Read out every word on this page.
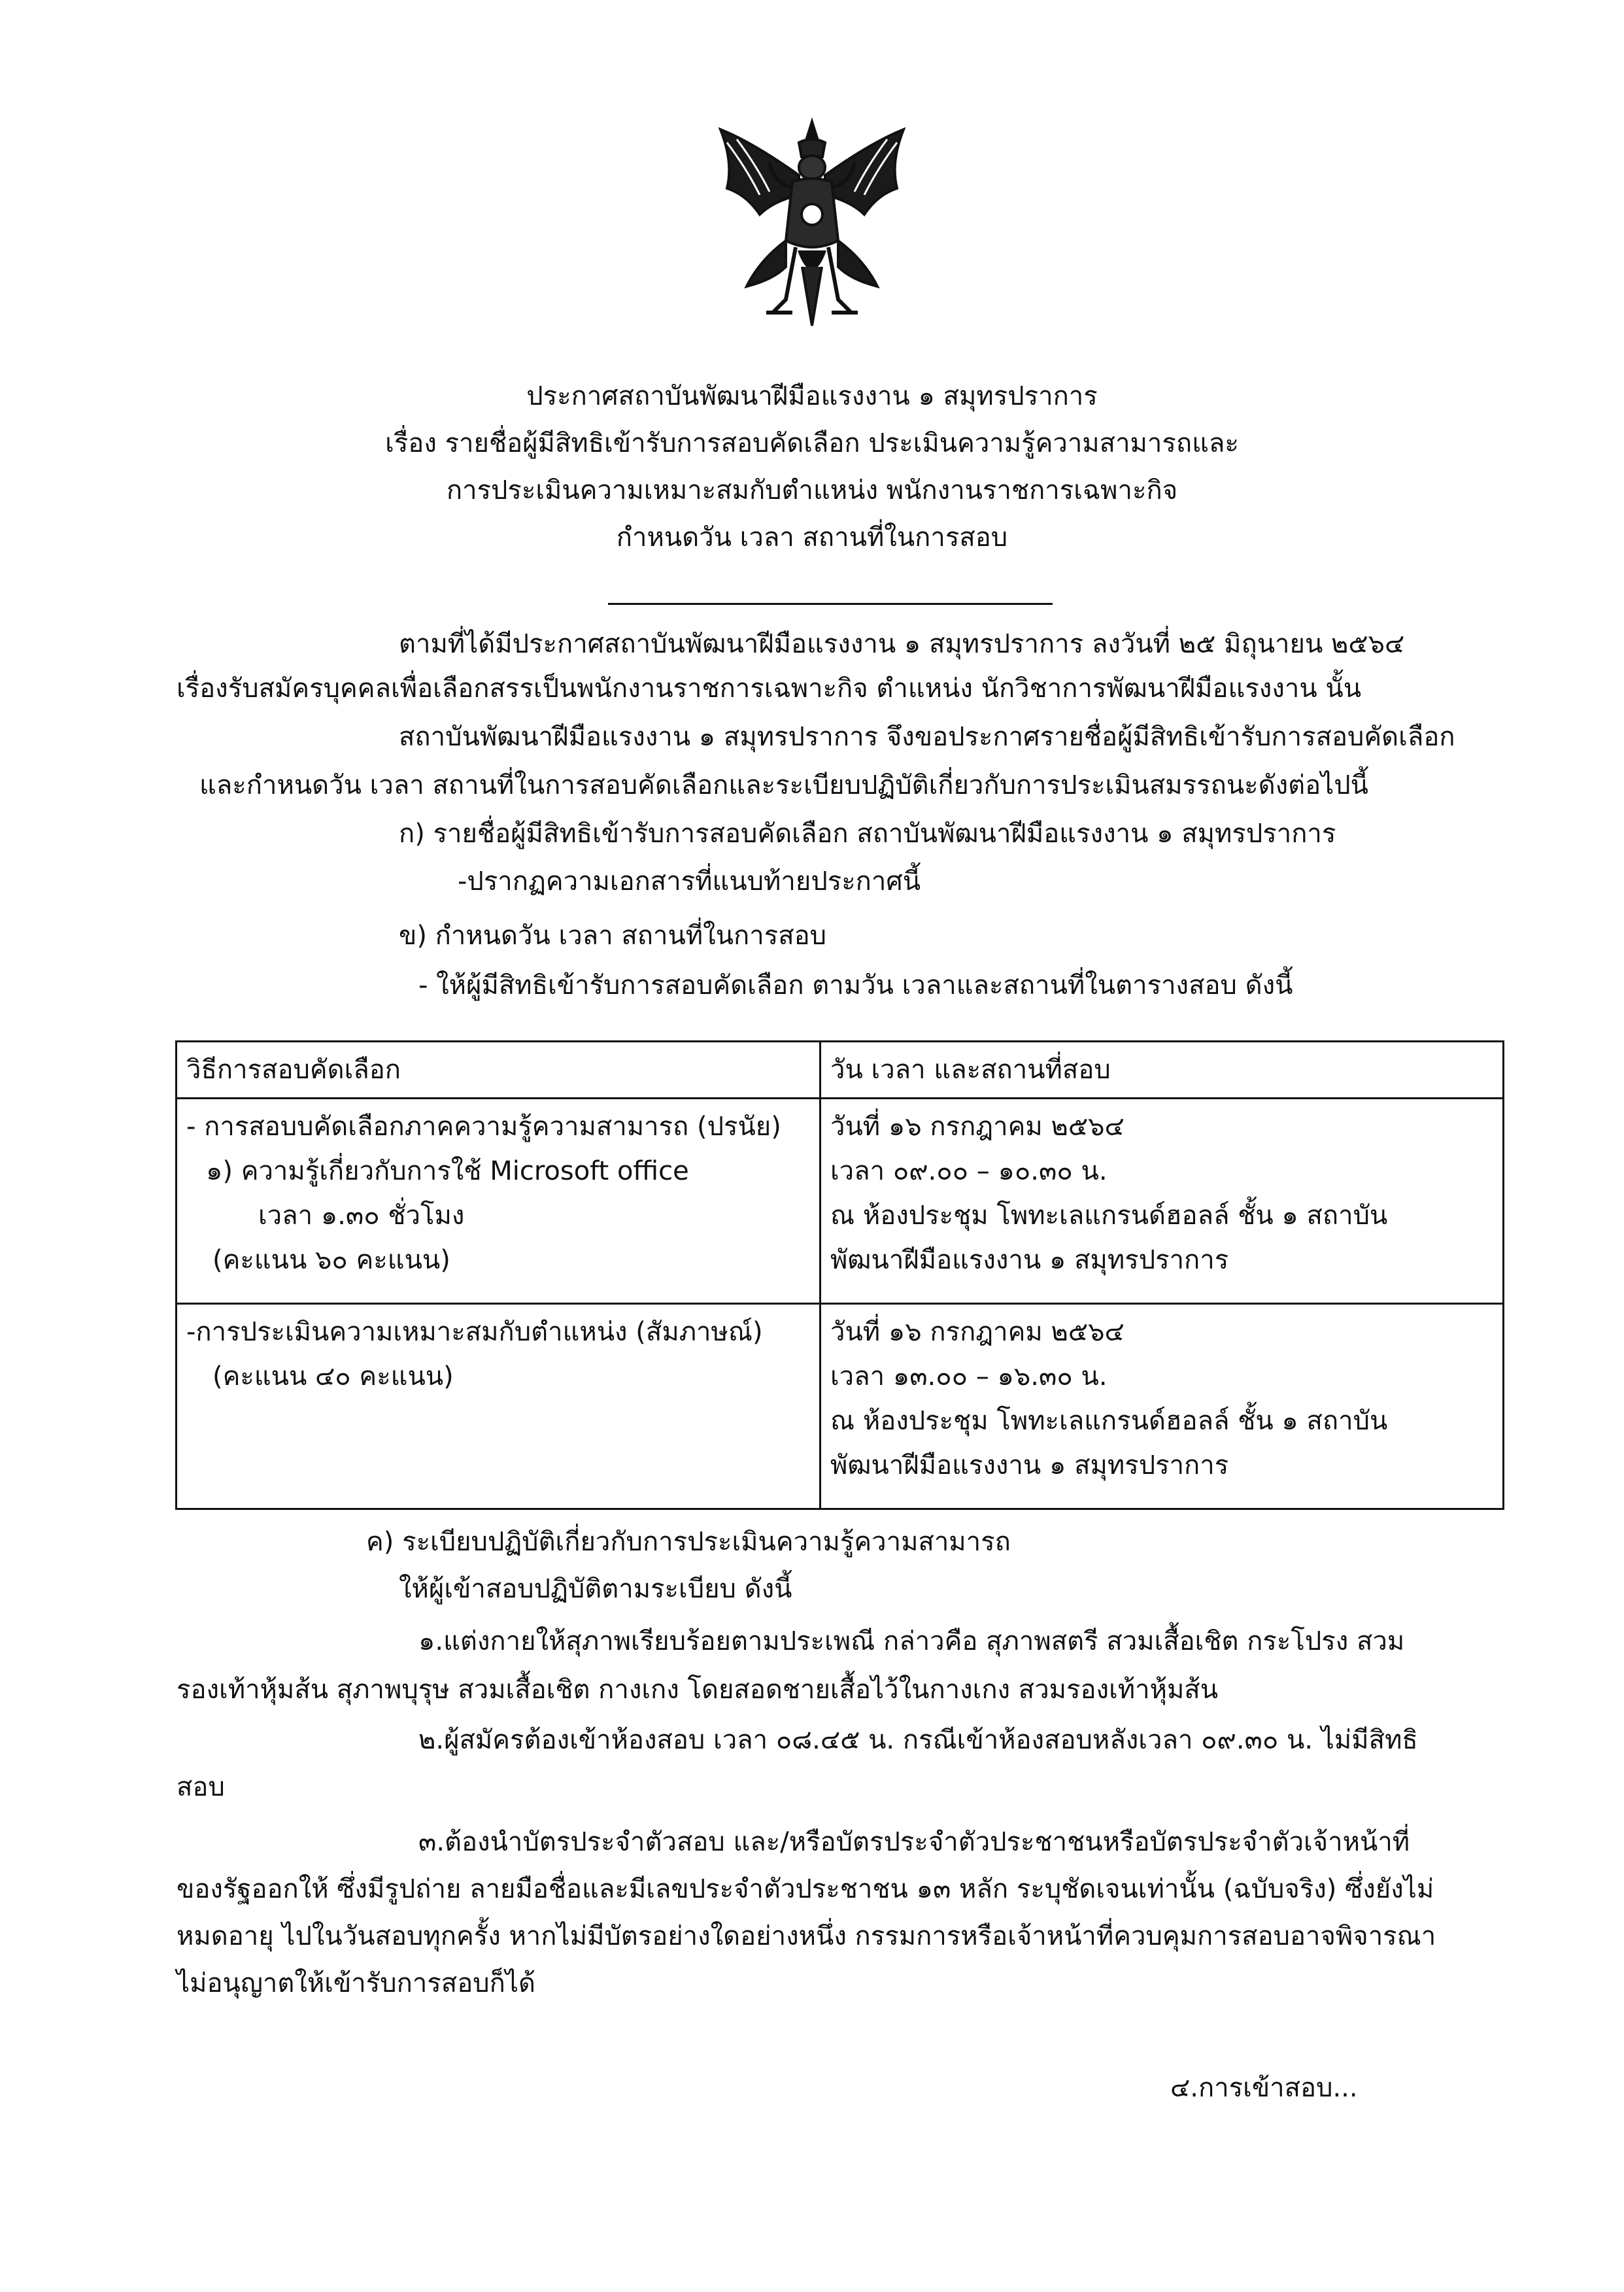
ประกาศสถาบันพัฒนาฝีมือแรงงาน ๑ สมุทรปราการ
เรื่อง รายชื่อผู้มีสิทธิเข้ารับการสอบคัดเลือก ประเมินความรู้ความสามารถและ
การประเมินความเหมาะสมกับตำแหน่ง พนักงานราชการเฉพาะกิจ
กำหนดวัน เวลา สถานที่ในการสอบ
ตามที่ได้มีประกาศสถาบันพัฒนาฝีมือแรงงาน ๑ สมุทรปราการ ลงวันที่ ๒๕ มิถุนายน ๒๕๖๔
เรื่องรับสมัครบุคคลเพื่อเลือกสรรเป็นพนักงานราชการเฉพาะกิจ ตำแหน่ง นักวิชาการพัฒนาฝีมือแรงงาน นั้น
สถาบันพัฒนาฝีมือแรงงาน ๑ สมุทรปราการ จึงขอประกาศรายชื่อผู้มีสิทธิเข้ารับการสอบคัดเลือก
และกำหนดวัน เวลา สถานที่ในการสอบคัดเลือกและระเบียบปฏิบัติเกี่ยวกับการประเมินสมรรถนะดังต่อไปนี้
ก) รายชื่อผู้มีสิทธิเข้ารับการสอบคัดเลือก สถาบันพัฒนาฝีมือแรงงาน ๑ สมุทรปราการ
-ปรากฏความเอกสารที่แนบท้ายประกาศนี้
ข) กำหนดวัน เวลา สถานที่ในการสอบ
- ให้ผู้มีสิทธิเข้ารับการสอบคัดเลือก ตามวัน เวลาและสถานที่ในตารางสอบ ดังนี้
วิธีการสอบคัดเลือก	วัน เวลา และสถานที่สอบ

- การสอบบคัดเลือกภาคความรู้ความสามารถ (ปรนัย)
๑) ความรู้เกี่ยวกับการใช้ Microsoft office
เวลา ๑.๓๐ ชั่วโมง
(คะแนน ๖๐ คะแนน)	วันที่ ๑๖ กรกฎาคม ๒๕๖๔
เวลา ๐๙.๐๐ – ๑๐.๓๐ น.
ณ ห้องประชุม โพทะเลแกรนด์ฮอลล์ ชั้น ๑ สถาบัน
พัฒนาฝีมือแรงงาน ๑ สมุทรปราการ

-การประเมินความเหมาะสมกับตำแหน่ง (สัมภาษณ์)
(คะแนน ๔๐ คะแนน)	วันที่ ๑๖ กรกฎาคม ๒๕๖๔
เวลา ๑๓.๐๐ – ๑๖.๓๐ น.
ณ ห้องประชุม โพทะเลแกรนด์ฮอลล์ ชั้น ๑ สถาบัน
พัฒนาฝีมือแรงงาน ๑ สมุทรปราการ
ค) ระเบียบปฏิบัติเกี่ยวกับการประเมินความรู้ความสามารถ
ให้ผู้เข้าสอบปฏิบัติตามระเบียบ ดังนี้
๑.แต่งกายให้สุภาพเรียบร้อยตามประเพณี กล่าวคือ สุภาพสตรี สวมเสื้อเชิต กระโปรง สวม
รองเท้าหุ้มส้น สุภาพบุรุษ สวมเสื้อเชิต กางเกง โดยสอดชายเสื้อไว้ในกางเกง สวมรองเท้าหุ้มส้น
๒.ผู้สมัครต้องเข้าห้องสอบ เวลา ๐๘.๔๕ น. กรณีเข้าห้องสอบหลังเวลา ๐๙.๓๐ น. ไม่มีสิทธิ
สอบ
๓.ต้องนำบัตรประจำตัวสอบ และ/หรือบัตรประจำตัวประชาชนหรือบัตรประจำตัวเจ้าหน้าที่
ของรัฐออกให้ ซึ่งมีรูปถ่าย ลายมือชื่อและมีเลขประจำตัวประชาชน ๑๓ หลัก ระบุชัดเจนเท่านั้น (ฉบับจริง) ซึ่งยังไม่
หมดอายุ ไปในวันสอบทุกครั้ง หากไม่มีบัตรอย่างใดอย่างหนึ่ง กรรมการหรือเจ้าหน้าที่ควบคุมการสอบอาจพิจารณา
ไม่อนุญาตให้เข้ารับการสอบก็ได้
๔.การเข้าสอบ...
